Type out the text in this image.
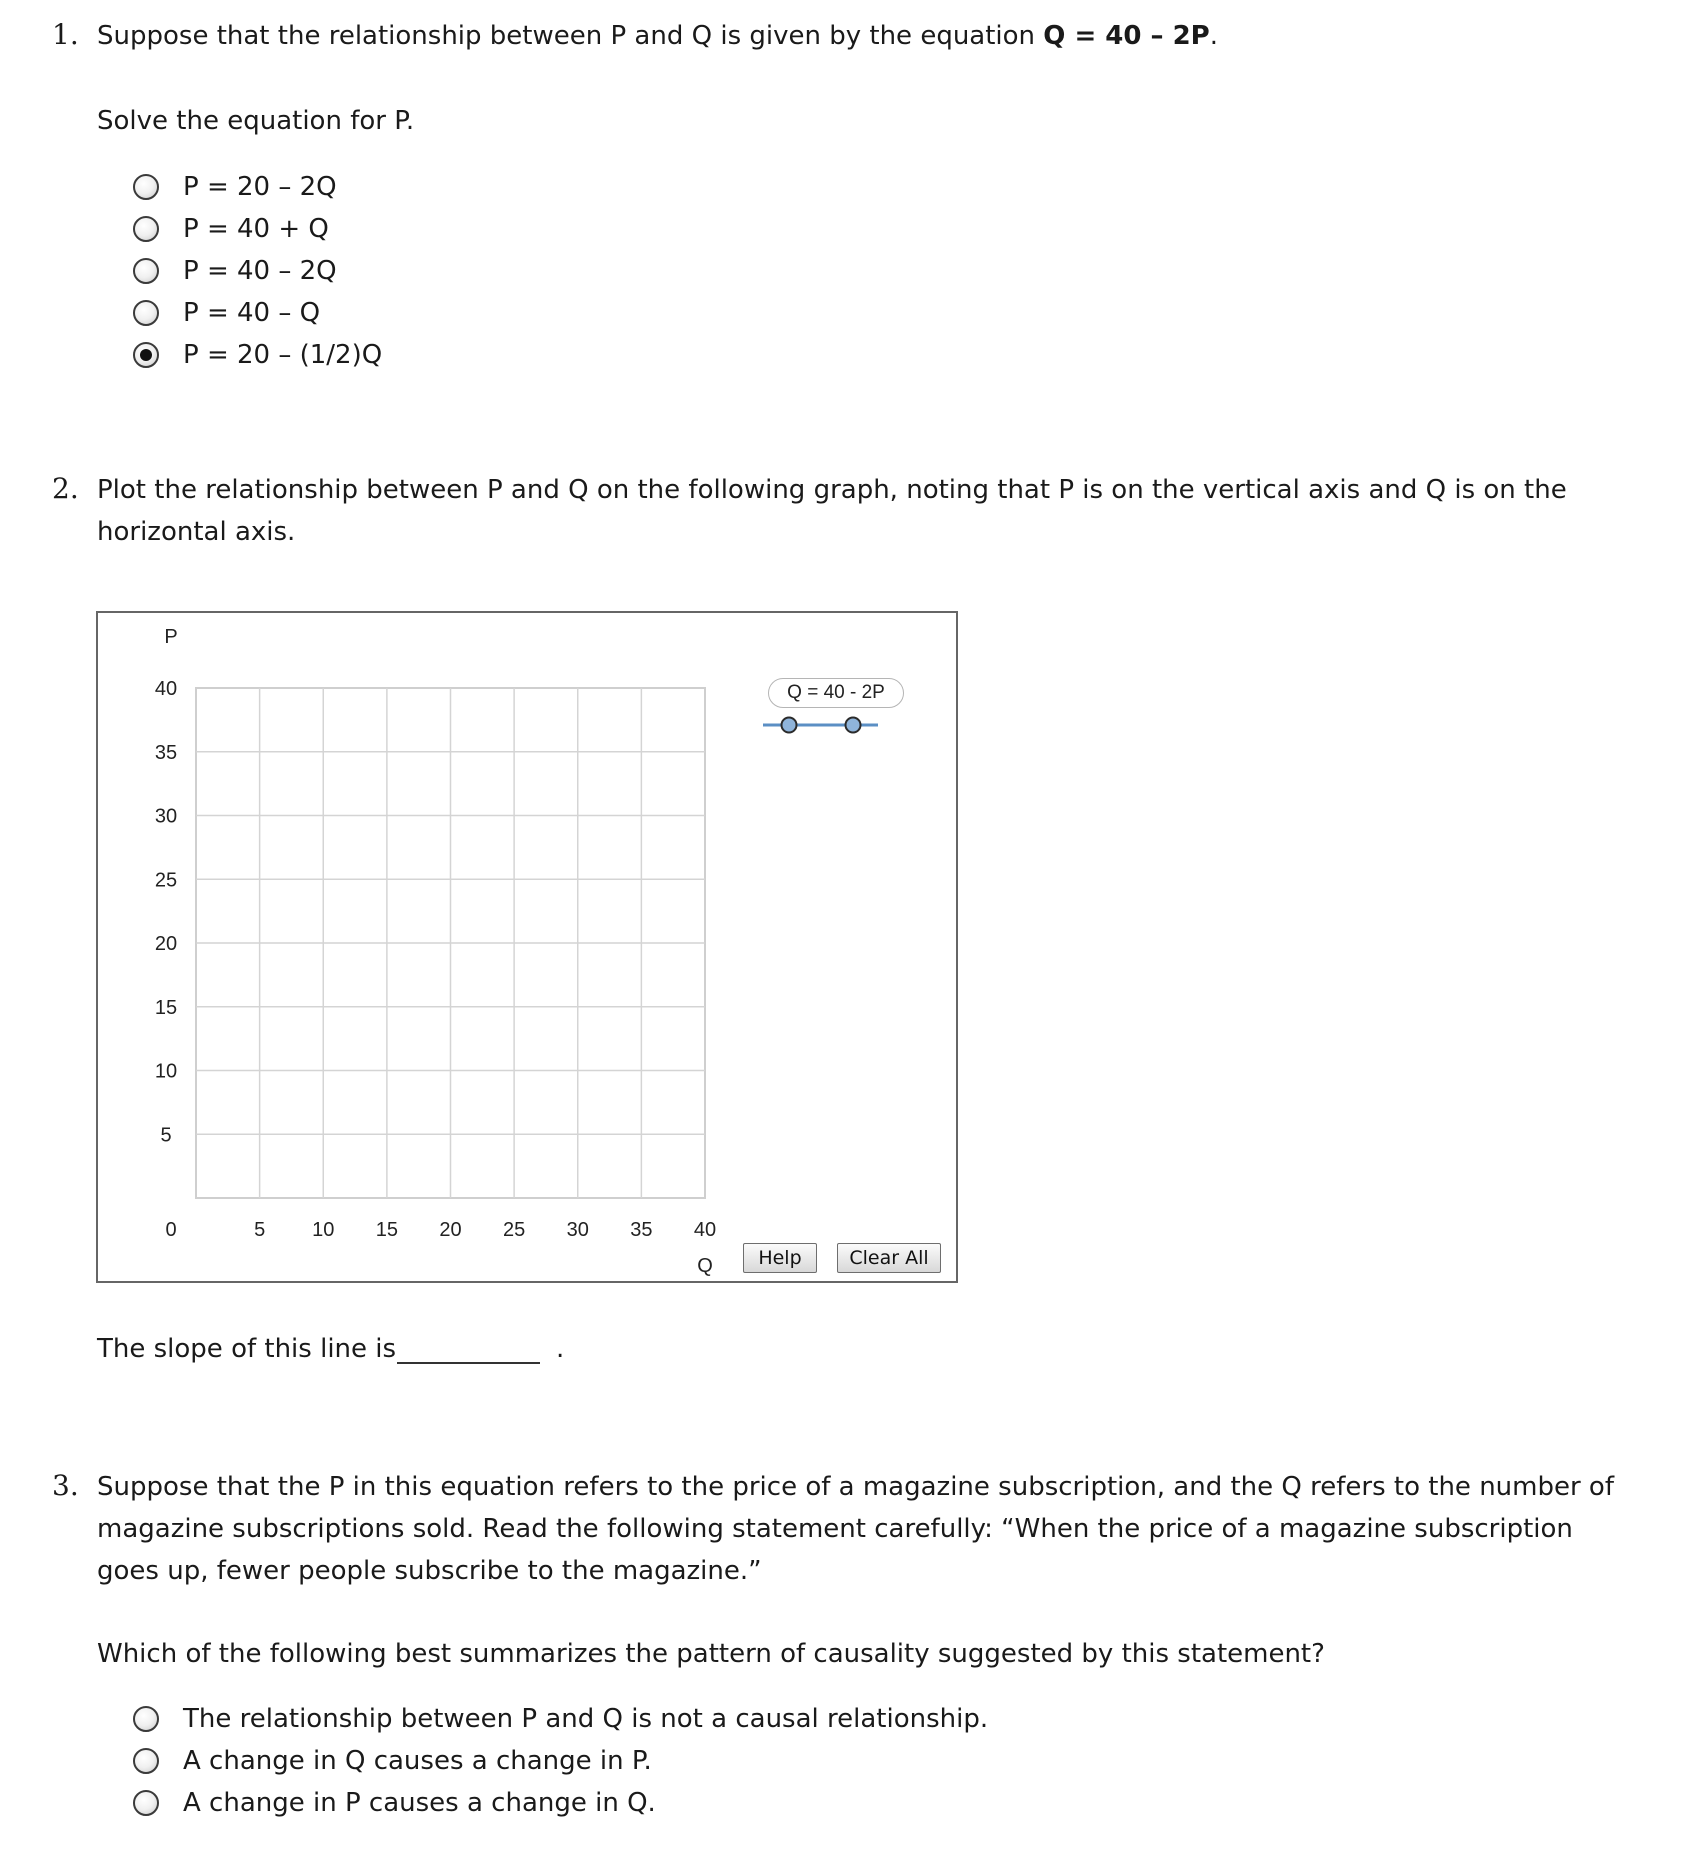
1. Suppose that the relationship between P and Q is given by the equation Q = 40 – 2P.
Solve the equation for P.
P = 20 – 2Q
P = 40 + Q
P = 40 – 2Q
P = 40 – Q
P = 20 – (1/2)Q
2. Plot the relationship between P and Q on the following graph, noting that P is on the vertical axis and Q is on the
horizontal axis.
5 10 15 20 25 30 35 40
5
10
15
20
25
30
35
40
P
Q
0
Q = 40 - 2P
Help	Clear All
The slope of this line is	.
3. Suppose that the P in this equation refers to the price of a magazine subscription, and the Q refers to the number of
magazine subscriptions sold. Read the following statement carefully: “When the price of a magazine subscription
goes up, fewer people subscribe to the magazine.”
Which of the following best summarizes the pattern of causality suggested by this statement?
The relationship between P and Q is not a causal relationship.
A change in Q causes a change in P.
A change in P causes a change in Q.
